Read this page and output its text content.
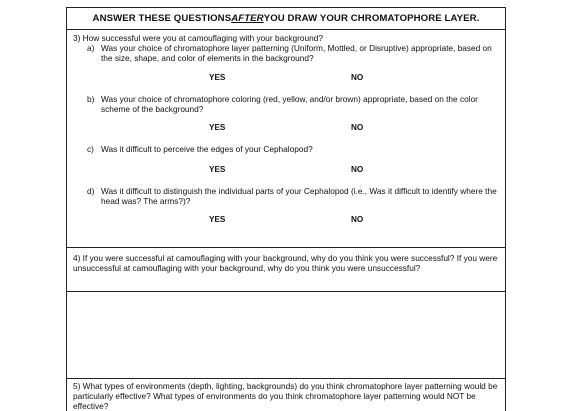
ANSWER THESE QUESTIONS AFTER YOU DRAW YOUR CHROMATOPHORE LAYER.
3) How successful were you at camouflaging with your background?
a) Was your choice of chromatophore layer patterning (Uniform, Mottled, or Disruptive) appropriate, based on the size, shape, and color of elements in the background?
YES	NO
b) Was your choice of chromatophore coloring (red, yellow, and/or brown) appropriate, based on the color scheme of the background?
YES	NO
c) Was it difficult to perceive the edges of your Cephalopod?
YES	NO
d) Was it difficult to distinguish the individual parts of your Cephalopod (i.e., Was it difficult to identify where the head was? The arms?)?
YES	NO
4) If you were successful at camouflaging with your background, why do you think you were successful? If you were unsuccessful at camouflaging with your background, why do you think you were unsuccessful?
5) What types of environments (depth, lighting, backgrounds) do you think chromatophore layer patterning would be particularly effective? What types of environments do you think chromatophore layer patterning would NOT be effective?
